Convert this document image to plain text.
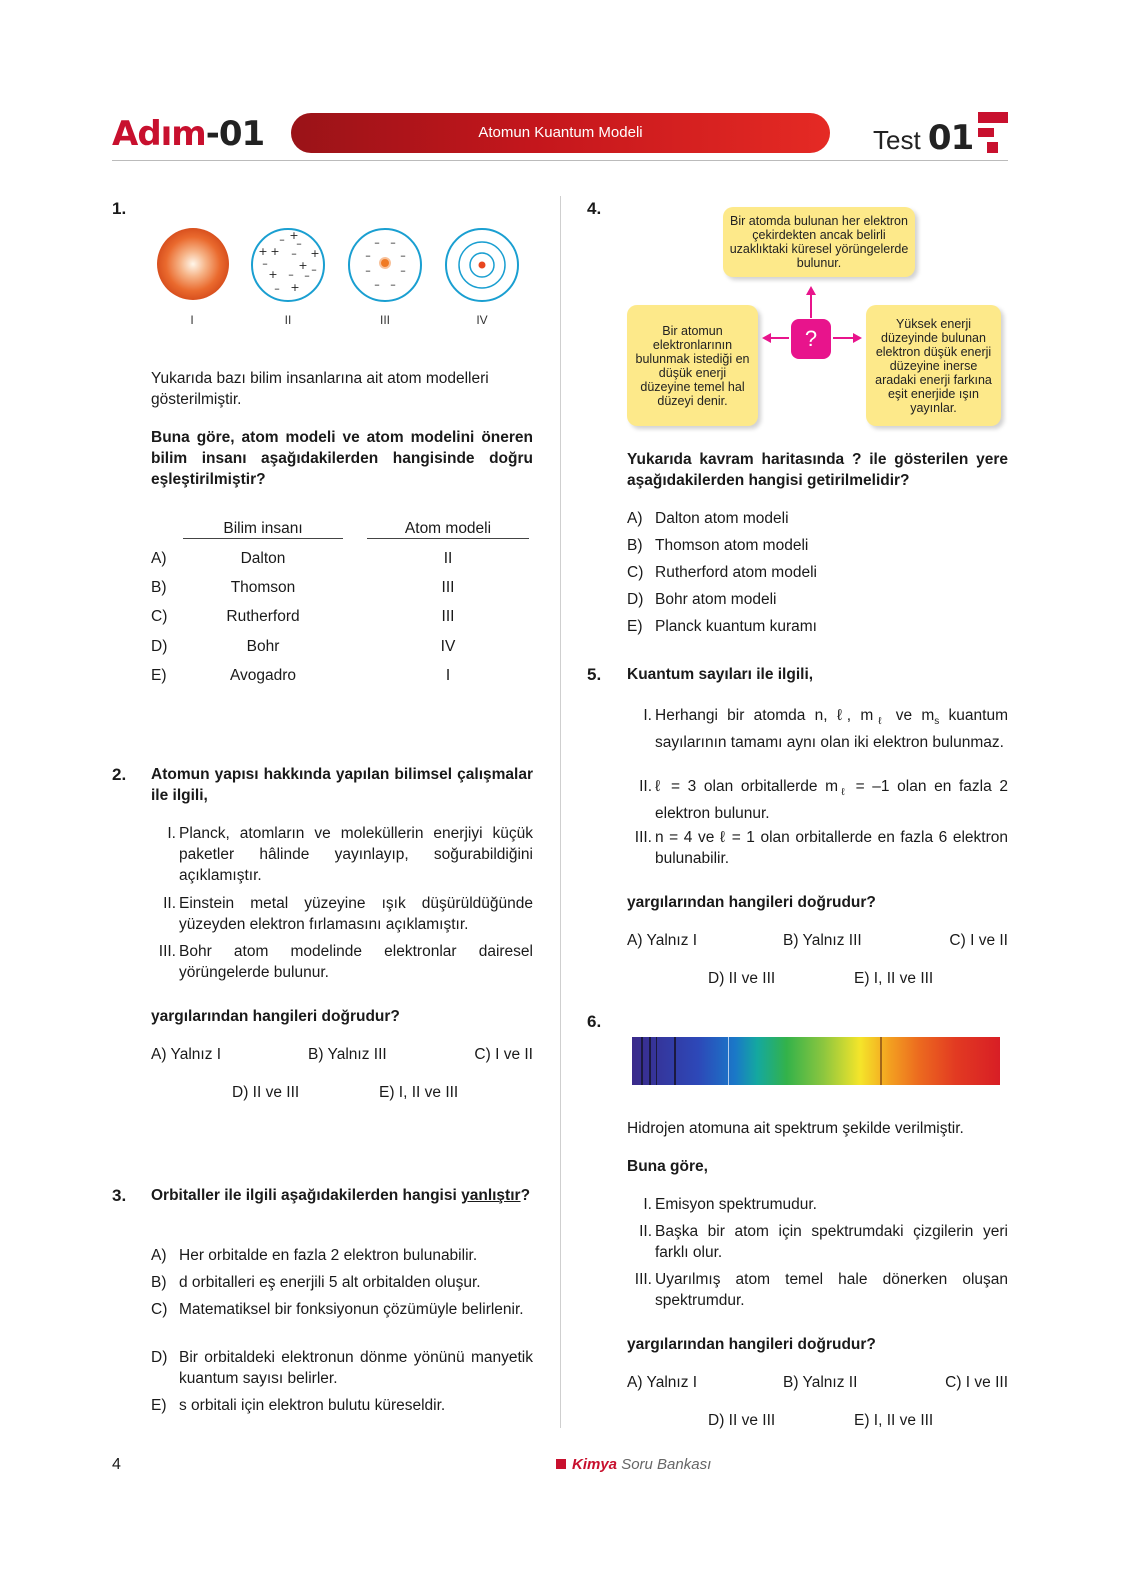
Adım-01	Atomun Kuantum Modeli	Test 01
1.
+
– –
+ + – +
–	+
+ – – –
– +
– –
–	–
–	–
– –
I	II	III	IV
Yukarıda bazı bilim insanlarına ait atom modelleri gösterilmiştir.
Buna göre, atom modeli ve atom modelini öneren bilim insanı aşağıdakilerden hangisinde doğru eşleştirilmiştir?
Bilim insanı	Atom modeli
A)	Dalton	II
B)	Thomson	III
C)	Rutherford	III
D)	Bohr	IV
E)	Avogadro	I
2. Atomun yapısı hakkında yapılan bilimsel çalışmalar ile ilgili,
I. Planck, atomların ve moleküllerin enerjiyi küçük paketler hâlinde yayınlayıp, soğurabildiğini açıklamıştır.
II. Einstein metal yüzeyine ışık düşürüldüğünde yüzeyden elektron fırlamasını açıklamıştır.
III. Bohr atom modelinde elektronlar dairesel yörüngelerde bulunur.
yargılarından hangileri doğrudur?
A) Yalnız I	B) Yalnız III	C) I ve II
D) II ve III	E) I, II ve III
3. Orbitaller ile ilgili aşağıdakilerden hangisi yanlıştır?
A) Her orbitalde en fazla 2 elektron bulunabilir.
B) d orbitalleri eş enerjili 5 alt orbitalden oluşur.
C) Matematiksel bir fonksiyonun çözümüyle belirlenir.
D) Bir orbitaldeki elektronun dönme yönünü manyetik kuantum sayısı belirler.
E) s orbitali için elektron bulutu küreseldir.
4.
Bir atomda bulunan her elektron çekirdekten ancak belirli uzaklıktaki küresel yörüngelerde bulunur.
Bir atomun elektronlarının bulunmak istediği en düşük enerji düzeyine temel hal düzeyi denir.
Yüksek enerji düzeyinde bulunan elektron düşük enerji düzeyine inerse aradaki enerji farkına eşit enerjide ışın yayınlar.
?
Yukarıda kavram haritasında ? ile gösterilen yere aşağıdakilerden hangisi getirilmelidir?
A) Dalton atom modeli
B) Thomson atom modeli
C) Rutherford atom modeli
D) Bohr atom modeli
E) Planck kuantum kuramı
5. Kuantum sayıları ile ilgili,
I. Herhangi bir atomda n, ℓ, $m_\ell$ ve $m_s$ kuantum sayılarının tamamı aynı olan iki elektron bulunmaz.
II. ℓ = 3 olan orbitallerde $m_\ell = -1$ olan en fazla 2 elektron bulunur.
III. n = 4 ve ℓ = 1 olan orbitallerde en fazla 6 elektron bulunabilir.
yargılarından hangileri doğrudur?
A) Yalnız I	B) Yalnız III	C) I ve II
D) II ve III	E) I, II ve III
6.
Hidrojen atomuna ait spektrum şekilde verilmiştir.
Buna göre,
I. Emisyon spektrumudur.
II. Başka bir atom için spektrumdaki çizgilerin yeri farklı olur.
III. Uyarılmış atom temel hale dönerken oluşan spektrumdur.
yargılarından hangileri doğrudur?
A) Yalnız I	B) Yalnız II	C) I ve III
D) II ve III	E) I, II ve III
4	Kimya Soru Bankası
